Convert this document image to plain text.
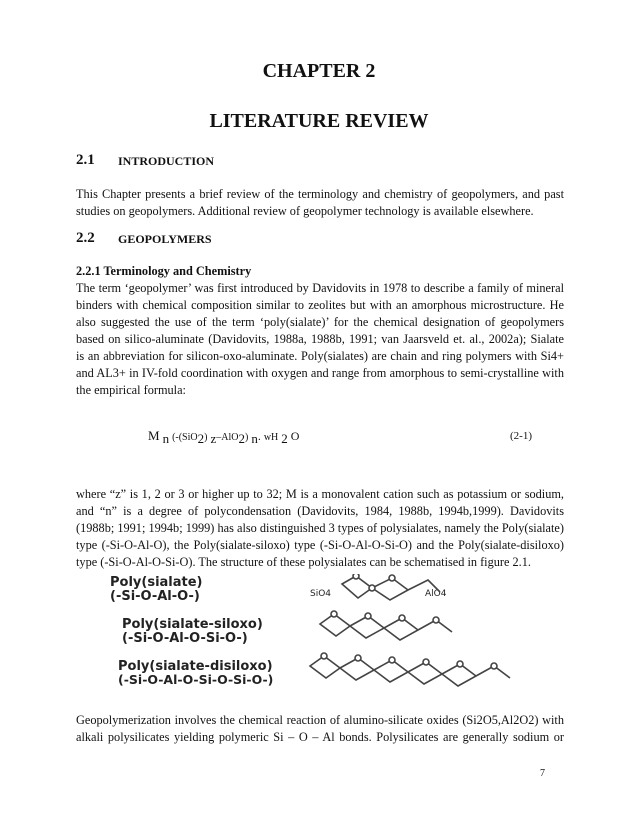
CHAPTER 2
LITERATURE REVIEW
2.1 INTRODUCTION
This Chapter presents a brief review of the terminology and chemistry of geopolymers, and past
studies on geopolymers. Additional review of geopolymer technology is available elsewhere.
2.2 GEOPOLYMERS
2.2.1 Terminology and Chemistry
The term ‘geopolymer’ was first introduced by Davidovits in 1978 to describe a family of mineral
binders with chemical composition similar to zeolites but with an amorphous microstructure. He
also suggested the use of the term ‘poly(sialate)’ for the chemical designation of geopolymers
based on silico-aluminate (Davidovits, 1988a, 1988b, 1991; van Jaarsveld et. al., 2002a); Sialate
is an abbreviation for silicon-oxo-aluminate. Poly(sialates) are chain and ring polymers with Si4+
and AL3+ in IV-fold coordination with oxygen and range from amorphous to semi-crystalline with
the empirical formula:
M $_n$ (-(SiO$_2$) $_z$–AlO$_2$) $_n$. wH $_2$ O	(2-1)
where “z” is 1, 2 or 3 or higher up to 32; M is a monovalent cation such as potassium or sodium,
and “n” is a degree of polycondensation (Davidovits, 1984, 1988b, 1994b,1999). Davidovits
(1988b; 1991; 1994b; 1999) has also distinguished 3 types of polysialates, namely the Poly(sialate)
type (-Si-O-Al-O), the Poly(sialate-siloxo) type (-Si-O-Al-O-Si-O) and the Poly(sialate-disiloxo)
type (-Si-O-Al-O-Si-O). The structure of these polysialates can be schematised in figure 2.1.
Poly(sialate)
(-Si-O-Al-O-)
Poly(sialate-siloxo)
(-Si-O-Al-O-Si-O-)
Poly(sialate-disiloxo)
(-Si-O-Al-O-Si-O-Si-O-)
SiO4	AlO4
Geopolymerization involves the chemical reaction of alumino-silicate oxides (Si2O5,Al2O2) with
alkali polysilicates yielding polymeric Si – O – Al bonds. Polysilicates are generally sodium or
7
